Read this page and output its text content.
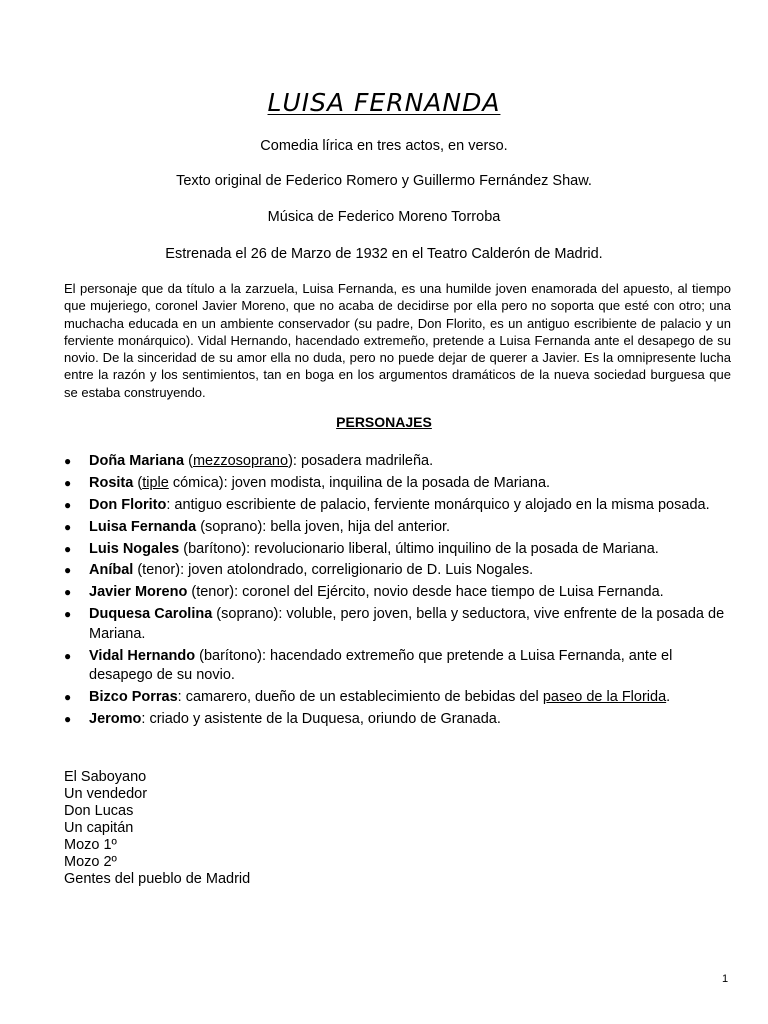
LUISA FERNANDA
Comedia lírica en tres actos, en verso.
Texto original de Federico Romero y Guillermo Fernández Shaw.
Música de Federico Moreno Torroba
Estrenada el 26 de Marzo de 1932 en el Teatro Calderón de Madrid.

El personaje que da título a la zarzuela, Luisa Fernanda, es una humilde joven enamorada del apuesto, al tiempo que mujeriego, coronel Javier Moreno, que no acaba de decidirse por ella pero no soporta que esté con otro; una muchacha educada en un ambiente conservador (su padre, Don Florito, es un antiguo escribiente de palacio y un ferviente monárquico). Vidal Hernando, hacendado extremeño, pretende a Luisa Fernanda ante el desapego de su novio. De la sinceridad de su amor ella no duda, pero no puede dejar de querer a Javier. Es la omnipresente lucha entre la razón y los sentimientos, tan en boga en los argumentos dramáticos de la nueva sociedad burguesa que se estaba construyendo.

PERSONAJES
● Doña Mariana (mezzosoprano): posadera madrileña.
● Rosita (tiple cómica): joven modista, inquilina de la posada de Mariana.
● Don Florito: antiguo escribiente de palacio, ferviente monárquico y alojado en la misma posada.
● Luisa Fernanda (soprano): bella joven, hija del anterior.
● Luis Nogales (barítono): revolucionario liberal, último inquilino de la posada de Mariana.
● Aníbal (tenor): joven atolondrado, correligionario de D. Luis Nogales.
● Javier Moreno (tenor): coronel del Ejército, novio desde hace tiempo de Luisa Fernanda.
● Duquesa Carolina (soprano): voluble, pero joven, bella y seductora, vive enfrente de la posada de Mariana.
● Vidal Hernando (barítono): hacendado extremeño que pretende a Luisa Fernanda, ante el desapego de su novio.
● Bizco Porras: camarero, dueño de un establecimiento de bebidas del paseo de la Florida.
● Jeromo: criado y asistente de la Duquesa, oriundo de Granada.
El Saboyano
Un vendedor
Don Lucas
Un capitán
Mozo 1º
Mozo 2º
Gentes del pueblo de Madrid
1
